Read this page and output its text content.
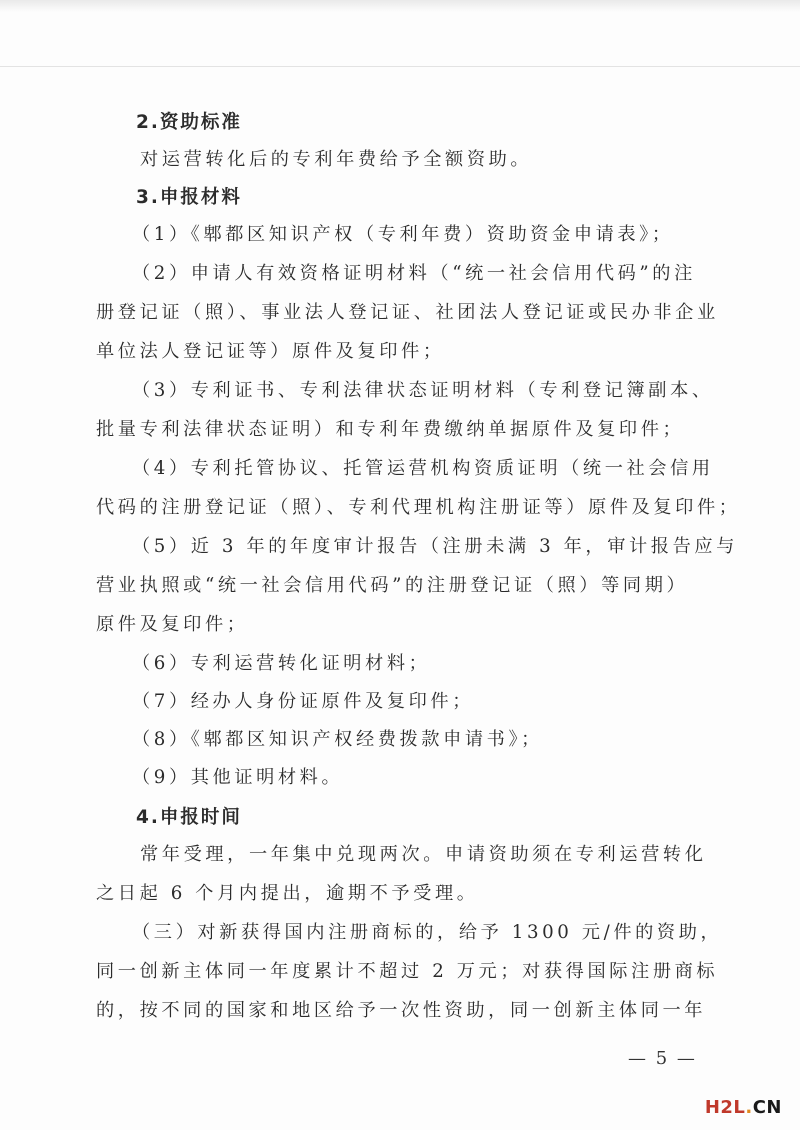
2.资助标准
对运营转化后的专利年费给予全额资助。
3.申报材料
（1）《郫都区知识产权（专利年费）资助资金申请表》；
（2）申请人有效资格证明材料（“统一社会信用代码”的注
册登记证（照）、事业法人登记证、社团法人登记证或民办非企业
单位法人登记证等）原件及复印件；
（3）专利证书、专利法律状态证明材料（专利登记簿副本、
批量专利法律状态证明）和专利年费缴纳单据原件及复印件；
（4）专利托管协议、托管运营机构资质证明（统一社会信用
代码的注册登记证（照）、专利代理机构注册证等）原件及复印件；
（5）近 3 年的年度审计报告（注册未满 3 年，审计报告应与
营业执照或“统一社会信用代码”的注册登记证（照）等同期）
原件及复印件；
（6）专利运营转化证明材料；
（7）经办人身份证原件及复印件；
（8）《郫都区知识产权经费拨款申请书》；
（9）其他证明材料。
4.申报时间
常年受理，一年集中兑现两次。申请资助须在专利运营转化
之日起 6 个月内提出，逾期不予受理。
（三）对新获得国内注册商标的，给予 1300 元/件的资助，
同一创新主体同一年度累计不超过 2 万元；对获得国际注册商标
的，按不同的国家和地区给予一次性资助，同一创新主体同一年
— 5 —
H2L.CN
